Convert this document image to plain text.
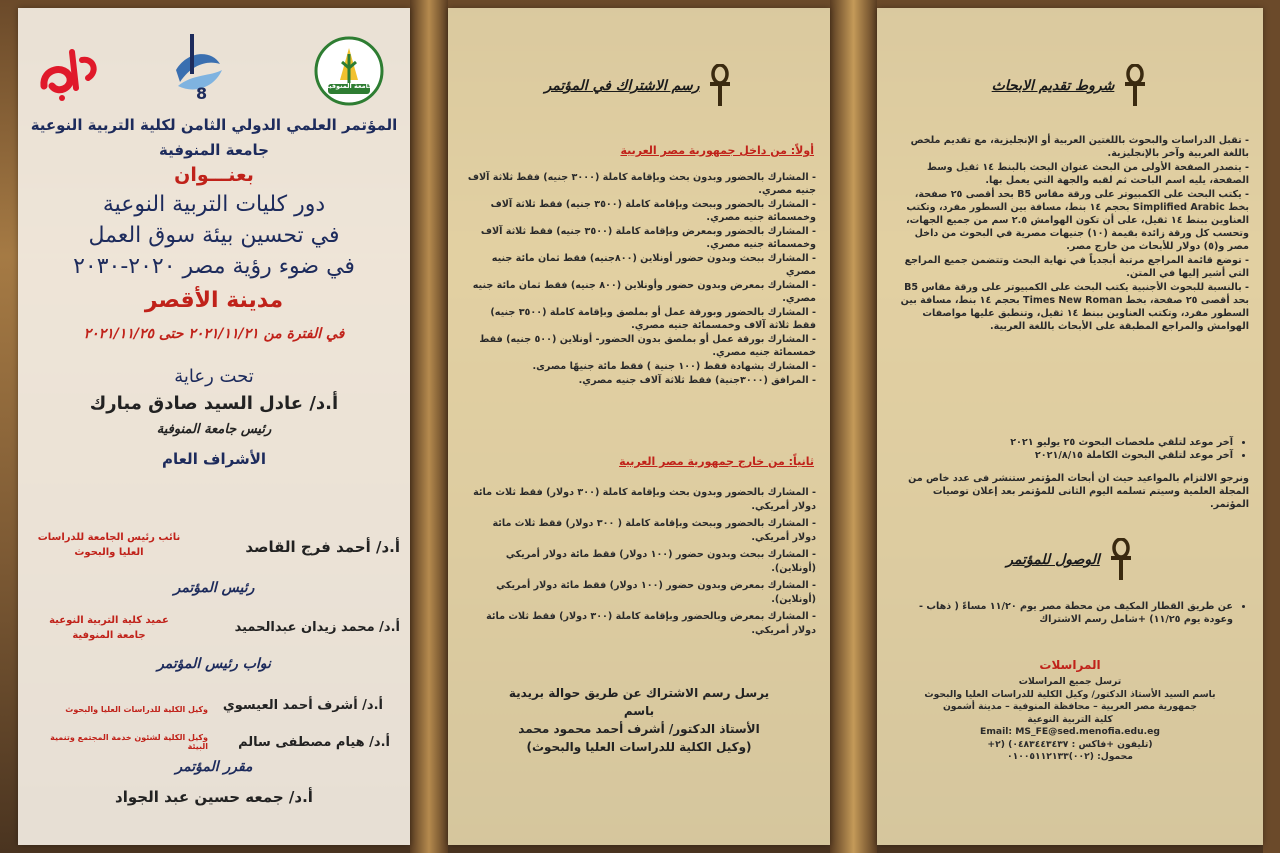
جامعة المنوفية
8
المؤتمر العلمي الدولي الثامن لكلية التربية النوعية
جامعة المنوفية
بعنـــوان
دور كليات التربية النوعية
في تحسين بيئة سوق العمل
في ضوء رؤية مصر ٢٠٢٠-٢٠٣٠
مدينة الأقصر
في الفترة من ٢٠٢١/١١/٢١ حتى ٢٠٢١/١١/٢٥
تحت رعاية
أ.د/ عادل السيد صادق مبارك
رئيس جامعة المنوفية
الأشراف العام
أ.د/ أحمد فرج القاصد
نائب رئيس الجامعة للدراسات العليا والبحوث
رئيس المؤتمر
أ.د/ محمد زيدان عبدالحميد
عميد كلية التربية النوعية جامعة المنوفية
نواب رئيس المؤتمر
أ.د/ أشرف أحمد العيسوي
وكيل الكلية للدراسات العليا والبحوث
أ.د/ هيام مصطفى سالم
وكيل الكلية لشئون خدمة المجتمع وتنمية البيئة
مقرر المؤتمر
أ.د/ جمعه حسين عبد الجواد
رسم الاشتراك في المؤتمر
أولاً: من داخل جمهورية مصر العربية
- المشارك بالحضور وبدون بحث وبإقامة كاملة (٣٠٠٠ جنيه) فقط ثلاثة آلاف جنيه مصري.
- المشارك بالحضور وببحث وبإقامة كاملة (٣٥٠٠ جنيه) فقط ثلاثة آلاف وخمسمائة جنيه مصري.
- المشارك بالحضور وبمعرض وبإقامة كاملة (٣٥٠٠ جنيه) فقط ثلاثة آلاف وخمسمائة جنيه مصري.
- المشارك ببحث وبدون حضور أونلاين (٨٠٠جنيه) فقط ثمان مائة جنيه مصري
- المشارك بمعرض وبدون حضور وأونلاين (٨٠٠ جنيه) فقط ثمان مائة جنيه مصري.
- المشارك بالحضور وبورقة عمل أو بملصق وبإقامة كاملة (٣٥٠٠ جنيه) فقط ثلاثة آلاف وخمسمائة جنيه مصري.
- المشارك بورقة عمل أو بملصق بدون الحضور- أونلاين (٥٠٠ جنيه) فقط خمسمائة جنيه مصري.
- المشارك بشهادة فقط (١٠٠ جنية ) فقط مائة جنيهًا مصرى.
- المرافق (٣٠٠٠جنية) فقط ثلاثة آلاف جنيه مصري.
ثانياً: من خارج جمهورية مصر العربية
- المشارك بالحضور وبدون بحث وبإقامة كاملة (٣٠٠ دولار) فقط ثلاث مائة دولار أمريكي.
- المشارك بالحضور وببحث وبإقامة كاملة ( ٣٠٠ دولار) فقط ثلاث مائة دولار أمريكي.
- المشارك ببحث وبدون حضور (١٠٠ دولار) فقط مائة دولار أمريكي (أونلاين).
- المشارك بمعرض وبدون حضور (١٠٠ دولار) فقط مائة دولار أمريكي (أونلاين).
- المشارك بمعرض وبالحضور وبإقامة كاملة (٣٠٠ دولار) فقط ثلاث مائة دولار أمريكي.
يرسل رسم الاشتراك عن طريق حوالة بريدية
باسم
الأستاذ الدكتور/ أشرف أحمد محمود محمد
(وكيل الكلية للدراسات العليا والبحوث)
شروط تقديم الابحاث
- تقبل الدراسات والبحوث باللغتين العربية أو الإنجليزية، مع تقديم ملخص باللغة العربية وآخر بالإنجليزية.
- يتصدر الصفحة الأولى من البحث عنوان البحث بالبنط ١٤ ثقيل وسط الصفحة، يليه اسم الباحث ثم لقبه والجهة التي يعمل بها.
- يكتب البحث على الكمبيوتر على ورقة مقاس B5 بحد أقصى ٢٥ صفحة، بخط Simplified Arabic بحجم ١٤ بنط، مسافة بين السطور مفرد، وتكتب العناوين ببنط ١٤ ثقيل، على أن تكون الهوامش ٢.٥ سم من جميع الجهات، وتحسب كل ورقة زائدة بقيمة (١٠) جنيهات مصرية في البحوث من داخل مصر و(٥) دولار للأبحاث من خارج مصر.
- توضع قائمة المراجع مرتبة أبجدياً في نهاية البحث وتتضمن جميع المراجع التي أشير إليها في المتن.
- بالنسبة للبحوث الأجنبية يكتب البحث على الكمبيوتر على ورقة مقاس B5 بحد أقصى ٢٥ صفحة، بخط Times New Roman بحجم ١٤ بنط، مسافة بين السطور مفرد، وتكتب العناوين ببنط ١٤ ثقيل، وتنطبق عليها مواصفات الهوامش والمراجع المطبقة على الأبحاث باللغة العربية.
• آخر موعد لتلقي ملخصات البحوث ٢٥ يوليو ٢٠٢١
• آخر موعد لتلقي البحوث الكاملة ٢٠٢١/٨/١٥
ونرجو الالتزام بالمواعيد حيث ان أبحاث المؤتمر ستنشر فى عدد خاص من المجلة العلمية وسيتم تسلمه اليوم الثانى للمؤتمر بعد إعلان توصيات المؤتمر.
الوصول للمؤتمر
• عن طريق القطار المكيف من محطة مصر يوم ١١/٢٠ مساءً ( ذهاب - وعودة يوم ١١/٢٥) +شامل رسم الاشتراك
المراسلات
ترسل جميع المراسلات
باسم السيد الأستاذ الدكتور/ وكيل الكلية للدراسات العليا والبحوث
جمهورية مصر العربية – محافظة المنوفية – مدينة أشمون
كلية التربية النوعية
Email: MS_FE@sed.menofia.edu.eg
(تليفون +فاكس : ٠٤٨٣٤٤٣٤٣٧) (٢+
محمول: (٠٠٢)٠١٠٠٥١١٢١٣٣
